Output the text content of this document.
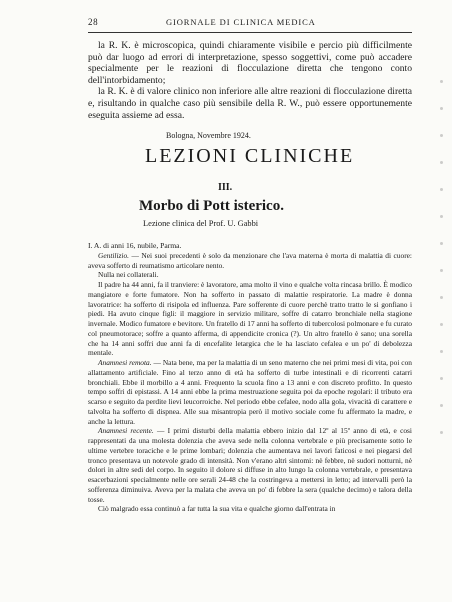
28	GIORNALE DI CLINICA MEDICA

la R. K. è microscopica, quindi chiaramente visibile e percio più difficilmente può dar luogo ad errori di interpretazione, spesso soggettivi, come può accadere specialmente per le reazioni di flocculazione diretta che tengono conto dell'intorbidamento;

la R. K. è di valore clinico non inferiore alle altre reazioni di flocculazione diretta e, risultando in qualche caso più sensibile della R. W., può essere opportunemente eseguita assieme ad essa.

Bologna, Novembre 1924.
LEZIONI CLINICHE
III.
Morbo di Pott isterico.
Lezione clinica del Prof. U. Gabbi

I. A. di anni 16, nubile, Parma.

Gentilizio. — Nei suoi precedenti è solo da menzionare che l'ava materna è morta di malattia di cuore: aveva sofferto di reumatismo articolare nento.

Nulla nei collaterali.

Il padre ha 44 anni, fa il tranviere: è lavoratore, ama molto il vino e qualche volta rincasa brillo. È modico mangiatore e forte fumatore. Non ha sofferto in passato di malattie respiratorie. La madre è donna lavoratrice: ha sofferto di risipola ed influenza. Pare sofferente di cuore perchè tratto tratto le si gonfiano i piedi. Ha avuto cinque figli: il maggiore in servizio militare, soffre di catarro bronchiale nella stagione invernale. Modico fumatore e bevitore. Un fratello di 17 anni ha sofferto di tubercolosi polmonare e fu curato col pneumotorace; soffre a quanto afferma, di appendicite cronica (?). Un altro fratello è sano; una sorella che ha 14 anni soffri due anni fa di encefalite letargica che le ha lasciato cefalea e un po' di debolezza mentale.

Anamnesi remota. — Nata bene, ma per la malattia di un seno materno che nei primi mesi di vita, poi con allattamento artificiale. Fino al terzo anno di età ha sofferto di turbe intestinali e di ricorrenti catarri bronchiali. Ebbe il morbillo a 4 anni. Frequento la scuola fino a 13 anni e con discreto profitto. In questo tempo soffri di epistassi. A 14 anni ebbe la prima mestruazione seguita poi da epoche regolari: il tributo era scarso e seguito da perdite lievi leucorroiche. Nel periodo ebbe cefalee, nodo alla gola, vivacità di carattere e talvolta ha sofferto di dispnea. Alle sua misantropia però il motivo sociale come fu affermato la madre, e anche la lettura.

Anamnesi recente. — I primi disturbi della malattia ebbero inizio dal 12º al 15º anno di età, e cosi rappresentati da una molesta dolenzia che aveva sede nella colonna vertebrale e più precisamente sotto le ultime vertebre toraciche e le prime lombari; dolenzia che aumentava nei lavori faticosi e nei piegarsi del tronco presentava un notevole grado di intensità. Non v'erano altri sintomi: nè febbre, nè sudori notturni, nè dolori in altre sedi del corpo. In seguito il dolore si diffuse in alto lungo la colonna vertebrale, e presentava esacerbazioni specialmente nelle ore serali 24-48 che la costringeva a mettersi in letto; ad intervalli però la sofferenza diminuiva. Aveva per la malata che aveva un po' di febbre la sera (qualche decimo) e talora della tosse.

Ciò malgrado essa continuò a far tutta la sua vita e qualche giorno dall'entrata in
